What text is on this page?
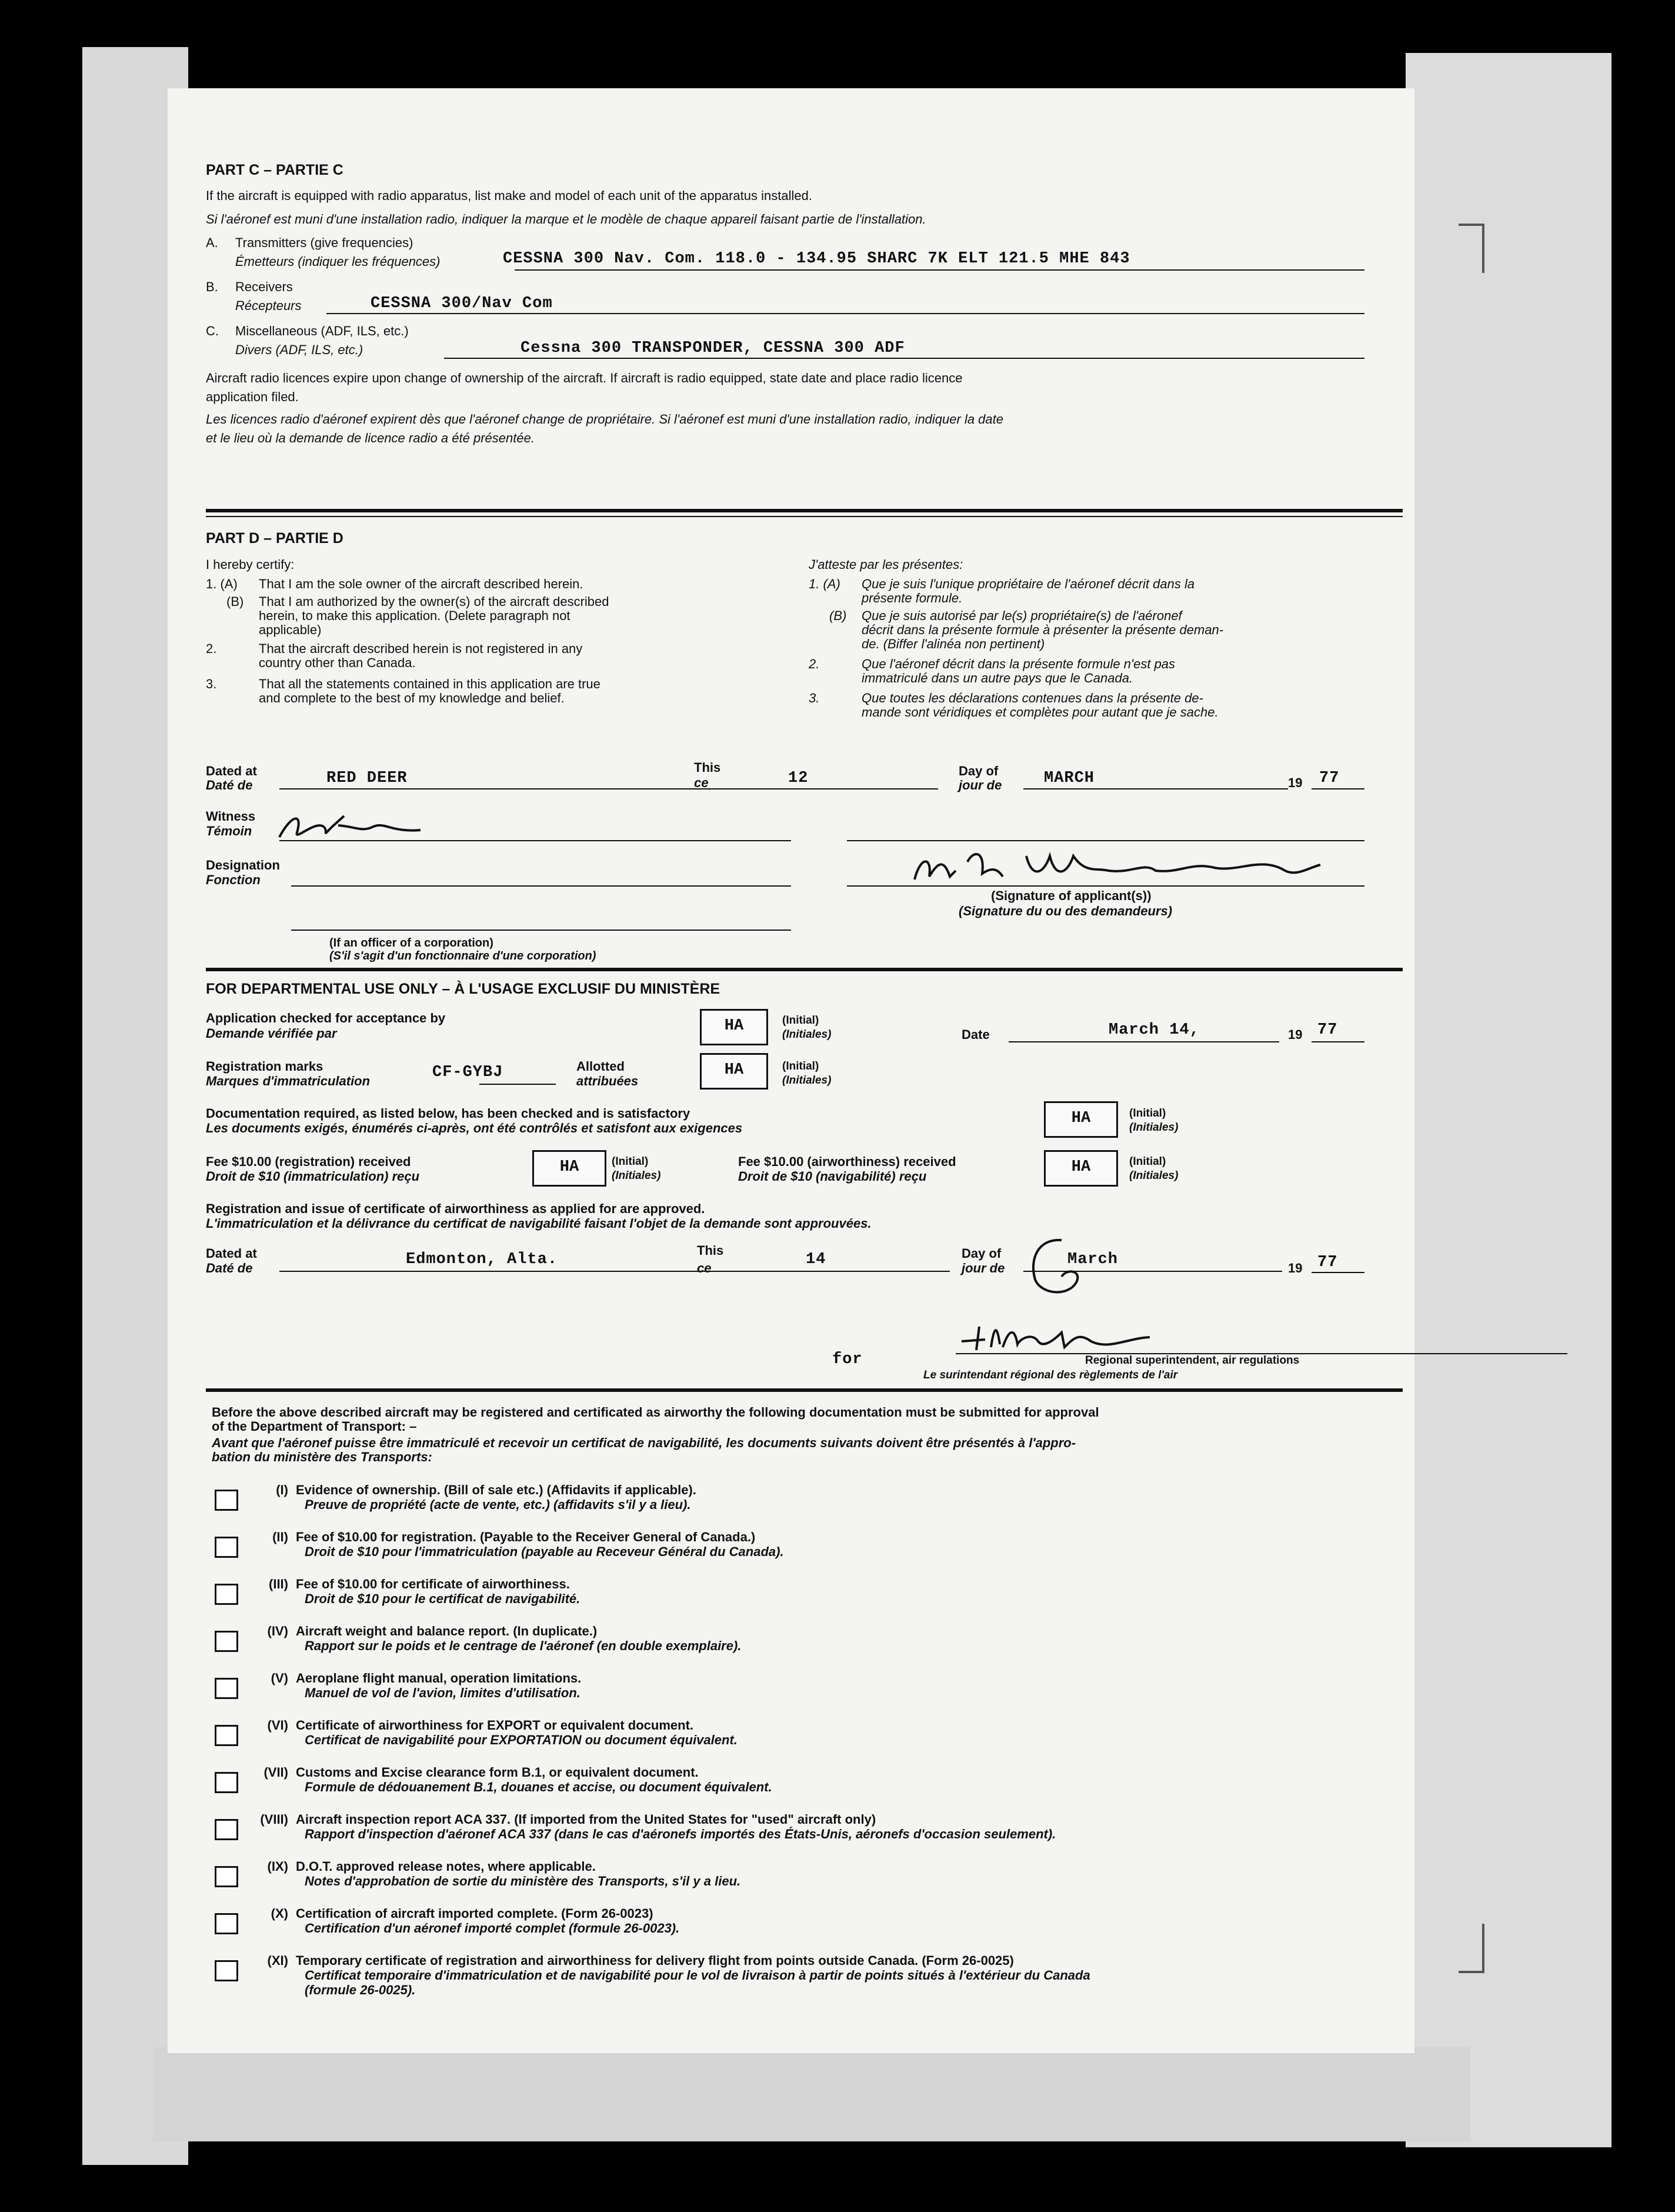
PART C – PARTIE C
If the aircraft is equipped with radio apparatus, list make and model of each unit of the apparatus installed.
Si l'aéronef est muni d'une installation radio, indiquer la marque et le modèle de chaque appareil faisant partie de l'installation.
A. Transmitters (give frequencies)
Émetteurs (indiquer les fréquences)	CESSNA 300 Nav. Com. 118.0 - 134.95 SHARC 7K ELT 121.5 MHE 843
B. Receivers
Récepteurs	CESSNA 300/Nav Com
C. Miscellaneous (ADF, ILS, etc.)
Divers (ADF, ILS, etc.)	Cessna 300 TRANSPONDER, CESSNA 300 ADF
Aircraft radio licences expire upon change of ownership of the aircraft. If aircraft is radio equipped, state date and place radio licence
application filed.
Les licences radio d'aéronef expirent dès que l'aéronef change de propriétaire. Si l'aéronef est muni d'une installation radio, indiquer la date
et le lieu où la demande de licence radio a été présentée.
PART D – PARTIE D
I hereby certify:
1. (A) That I am the sole owner of the aircraft described herein.
(B) That I am authorized by the owner(s) of the aircraft described
herein, to make this application. (Delete paragraph not
applicable)
2.	That the aircraft described herein is not registered in any
country other than Canada.
3.	That all the statements contained in this application are true
and complete to the best of my knowledge and belief.
J'atteste par les présentes:
1. (A) Que je suis l'unique propriétaire de l'aéronef décrit dans la
présente formule.
(B) Que je suis autorisé par le(s) propriétaire(s) de l'aéronef
décrit dans la présente formule à présenter la présente deman-
de. (Biffer l'alinéa non pertinent)
2.	Que l'aéronef décrit dans la présente formule n'est pas
immatriculé dans un autre pays que le Canada.
3.	Que toutes les déclarations contenues dans la présente de-
mande sont véridiques et complètes pour autant que je sache.
Dated at
Daté de	RED DEER
This
ce	12	Day of
jour de	MARCH	19 77
Witness
Témoin
Designation
Fonction
(Signature of applicant(s))
(Signature du ou des demandeurs)
(If an officer of a corporation)
(S'il s'agit d'un fonctionnaire d'une corporation)
FOR DEPARTMENTAL USE ONLY – À L'USAGE EXCLUSIF DU MINISTÈRE
Application checked for acceptance by
Demande vérifiée par	HA	(Initial)
(Initiales)	Date	March 14,	19 77
Registration marks
Marques d'immatriculation	CF-GYBJ	Allotted
attribuées
HA	(Initial)
(Initiales)
Documentation required, as listed below, has been checked and is satisfactory
Les documents exigés, énumérés ci-après, ont été contrôlés et satisfont aux exigences
HA	(Initial)
(Initiales)
Fee $10.00 (registration) received
Droit de $10 (immatriculation) reçu
HA	(Initial)
(Initiales)
Fee $10.00 (airworthiness) received
Droit de $10 (navigabilité) reçu
HA	(Initial)
(Initiales)
Registration and issue of certificate of airworthiness as applied for are approved.
L'immatriculation et la délivrance du certificat de navigabilité faisant l'objet de la demande sont approuvées.
Dated at
Daté de	Edmonton, Alta.
This
ce	14	Day of
jour de	March	19 77
for	Regional superintendent, air regulations
Le surintendant régional des règlements de l'air
Before the above described aircraft may be registered and certificated as airworthy the following documentation must be submitted for approval
of the Department of Transport: –
Avant que l'aéronef puisse être immatriculé et recevoir un certificat de navigabilité, les documents suivants doivent être présentés à l'appro-
bation du ministère des Transports:
(I) Evidence of ownership. (Bill of sale etc.) (Affidavits if applicable).
Preuve de propriété (acte de vente, etc.) (affidavits s'il y a lieu).
(II) Fee of $10.00 for registration. (Payable to the Receiver General of Canada.)
Droit de $10 pour l'immatriculation (payable au Receveur Général du Canada).
(III) Fee of $10.00 for certificate of airworthiness.
Droit de $10 pour le certificat de navigabilité.
(IV) Aircraft weight and balance report. (In duplicate.)
Rapport sur le poids et le centrage de l'aéronef (en double exemplaire).
(V) Aeroplane flight manual, operation limitations.
Manuel de vol de l'avion, limites d'utilisation.
(VI) Certificate of airworthiness for EXPORT or equivalent document.
Certificat de navigabilité pour EXPORTATION ou document équivalent.
(VII) Customs and Excise clearance form B.1, or equivalent document.
Formule de dédouanement B.1, douanes et accise, ou document équivalent.
(VIII) Aircraft inspection report ACA 337. (If imported from the United States for "used" aircraft only)
Rapport d'inspection d'aéronef ACA 337 (dans le cas d'aéronefs importés des États-Unis, aéronefs d'occasion seulement).
(IX) D.O.T. approved release notes, where applicable.
Notes d'approbation de sortie du ministère des Transports, s'il y a lieu.
(X) Certification of aircraft imported complete. (Form 26-0023)
Certification d'un aéronef importé complet (formule 26-0023).
(XI) Temporary certificate of registration and airworthiness for delivery flight from points outside Canada. (Form 26-0025)
Certificat temporaire d'immatriculation et de navigabilité pour le vol de livraison à partir de points situés à l'extérieur du Canada
(formule 26-0025).
